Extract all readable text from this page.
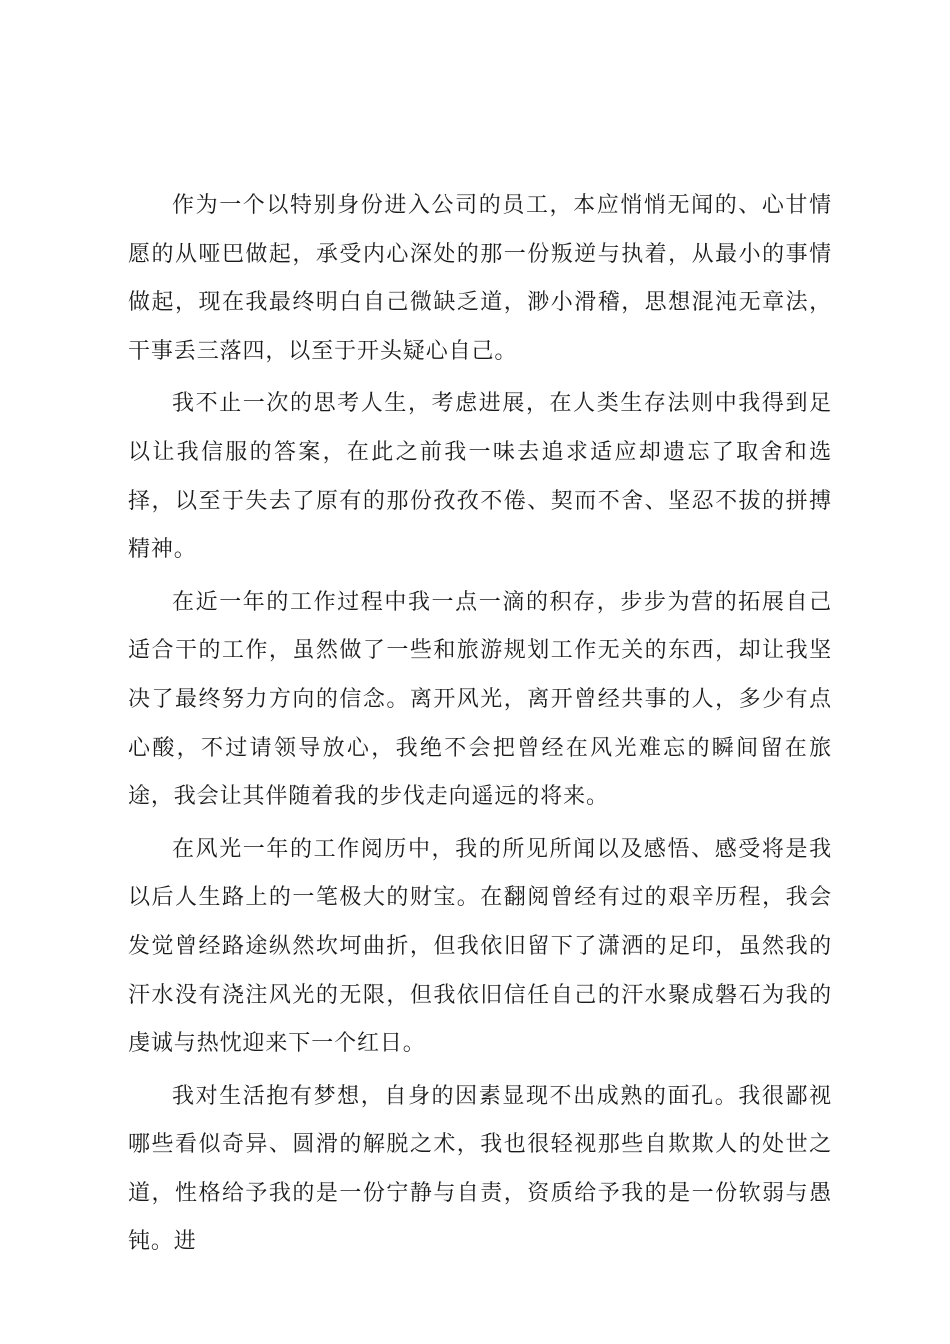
作为一个以特别身份进入公司的员工，本应悄悄无闻的、心甘情愿的从哑巴做起，承受内心深处的那一份叛逆与执着，从最小的事情做起，现在我最终明白自己微缺乏道，渺小滑稽，思想混沌无章法，干事丢三落四，以至于开头疑心自己。

我不止一次的思考人生，考虑进展，在人类生存法则中我得到足以让我信服的答案，在此之前我一味去追求适应却遗忘了取舍和选择，以至于失去了原有的那份孜孜不倦、契而不舍、坚忍不拔的拼搏精神。

在近一年的工作过程中我一点一滴的积存，步步为营的拓展自己适合干的工作，虽然做了一些和旅游规划工作无关的东西，却让我坚决了最终努力方向的信念。离开风光，离开曾经共事的人，多少有点心酸，不过请领导放心，我绝不会把曾经在风光难忘的瞬间留在旅途，我会让其伴随着我的步伐走向遥远的将来。

在风光一年的工作阅历中，我的所见所闻以及感悟、感受将是我以后人生路上的一笔极大的财宝。在翻阅曾经有过的艰辛历程，我会发觉曾经路途纵然坎坷曲折，但我依旧留下了潇洒的足印，虽然我的汗水没有浇注风光的无限，但我依旧信任自己的汗水聚成磐石为我的虔诚与热忱迎来下一个红日。

我对生活抱有梦想，自身的因素显现不出成熟的面孔。我很鄙视哪些看似奇异、圆滑的解脱之术，我也很轻视那些自欺欺人的处世之道，性格给予我的是一份宁静与自责，资质给予我的是一份软弱与愚钝。进
